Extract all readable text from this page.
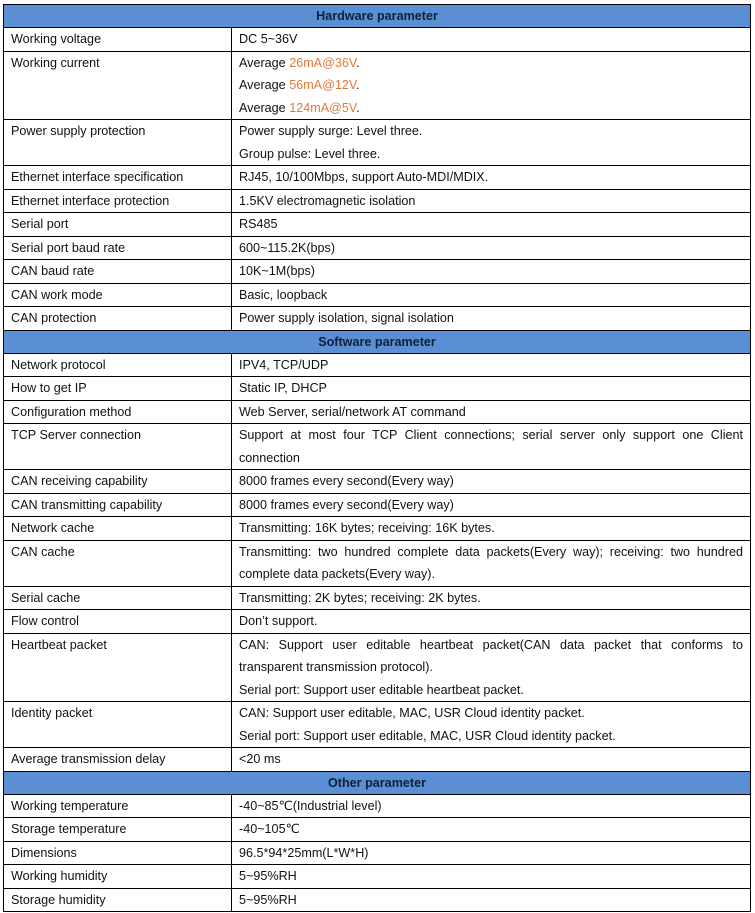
Hardware parameter	
Working voltage	DC 5~36V
Working current	Average 26mA@36V.
Average 56mA@12V.
Average 124mA@5V.

Power supply protection	Power supply surge: Level three.
Group pulse: Level three.

Ethernet interface specification	RJ45, 10/100Mbps, support Auto-MDI/MDIX.
Ethernet interface protection	1.5KV electromagnetic isolation
Serial port	RS485
Serial port baud rate	600~115.2K(bps)
CAN baud rate	10K~1M(bps)
CAN work mode	Basic, loopback
CAN protection	Power supply isolation, signal isolation
Software parameter	
Network protocol	IPV4, TCP/UDP
How to get IP	Static IP, DHCP
Configuration method	Web Server, serial/network AT command
TCP Server connection	Support at most four TCP Client connections; serial server only support one Client connection
CAN receiving capability	8000 frames every second(Every way)
CAN transmitting capability	8000 frames every second(Every way)
Network cache	Transmitting: 16K bytes; receiving: 16K bytes.
CAN cache	Transmitting: two hundred complete data packets(Every way); receiving: two hundred complete data packets(Every way).
Serial cache	Transmitting: 2K bytes; receiving: 2K bytes.
Flow control	Don’t support.
Heartbeat packet	CAN: Support user editable heartbeat packet(CAN data packet that conforms to transparent transmission protocol).
Serial port: Support user editable heartbeat packet.

Identity packet	CAN: Support user editable, MAC, USR Cloud identity packet.
Serial port: Support user editable, MAC, USR Cloud identity packet.

Average transmission delay	<20 ms
Other parameter	
Working temperature	-40~85℃(Industrial level)
Storage temperature	-40~105℃
Dimensions	96.5*94*25mm(L*W*H)
Working humidity	5~95%RH
Storage humidity	5~95%RH
